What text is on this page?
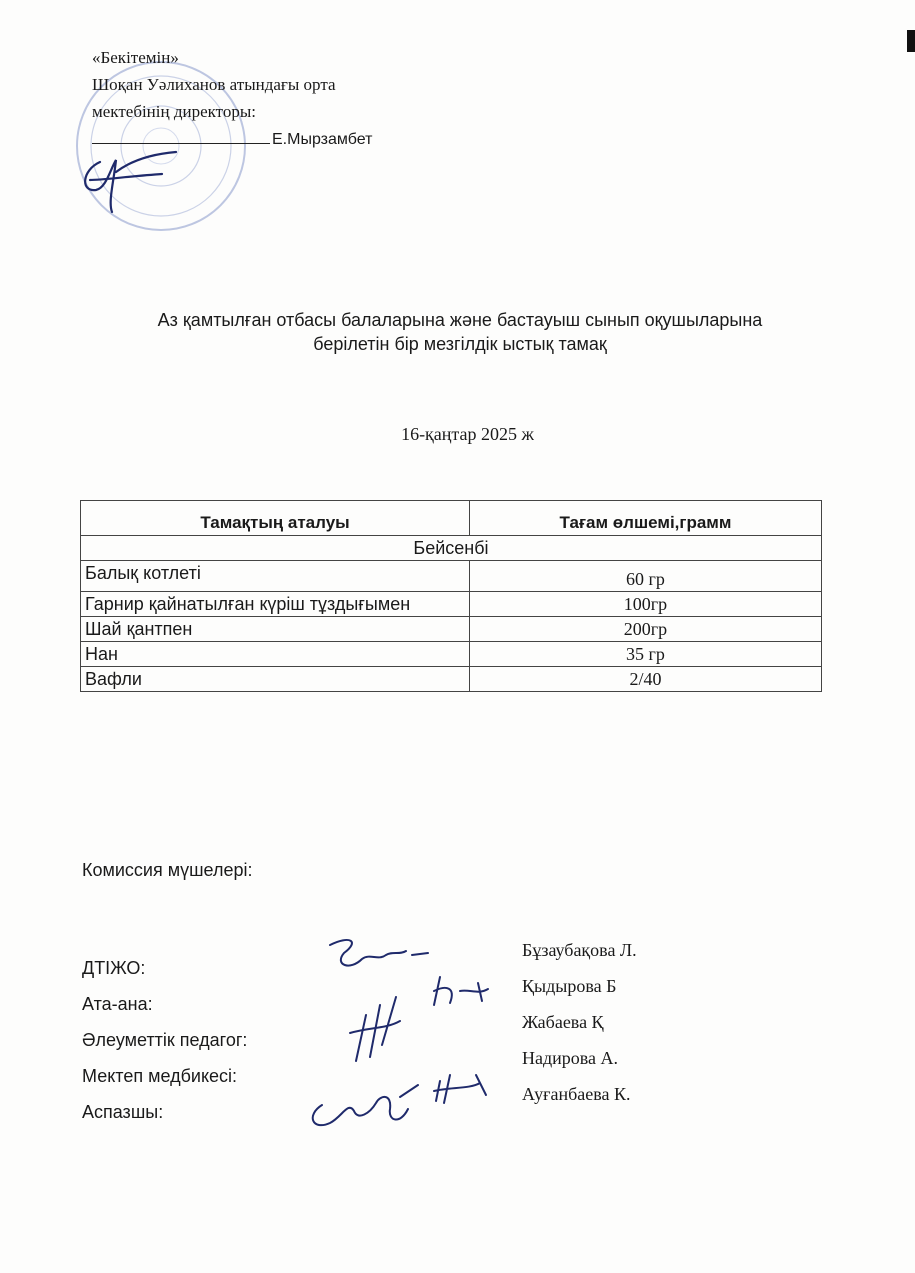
«Бекітемін»
Шоқан Уәлиханов атындағы орта
мектебінің директоры:
Е.Мырзамбет
Аз қамтылған отбасы балаларына және бастауыш сынып оқушыларына
берілетін бір мезгілдік ыстық тамақ
16-қаңтар 2025 ж
Тамақтың аталуы	Тағам өлшемі,грамм
Бейсенбі	
Балық котлеті	60 гр
Гарнир қайнатылған күріш тұздығымен	100гр
Шай қантпен	200гр
Нан	35 гр
Вафли	2/40
Комиссия мүшелері:
ДТІЖО:
Ата-ана:
Әлеуметтік педагог:
Мектеп медбикесі:
Аспазшы:
Бұзаубақова Л.
Қыдырова Б
Жабаева Қ
Надирова А.
Ауғанбаева К.
